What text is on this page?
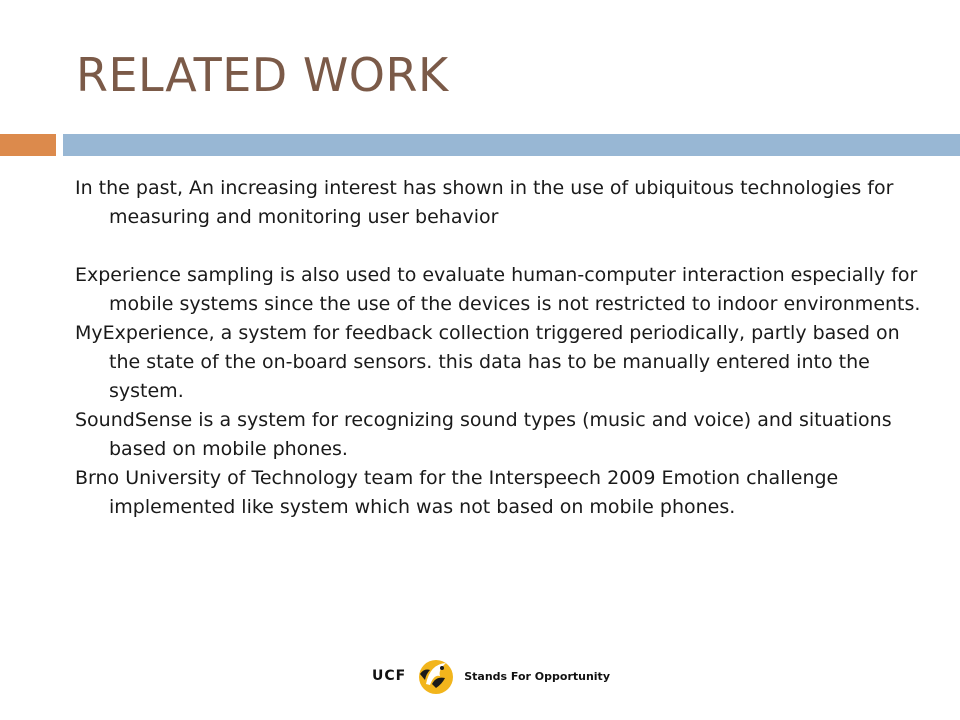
RELATED WORK

In the past, An increasing interest has shown in the use of ubiquitous technologies for measuring and monitoring user behavior

Experience sampling is also used to evaluate human-computer interaction especially for mobile systems since the use of the devices is not restricted to indoor environments.

MyExperience, a system for feedback collection triggered periodically, partly based on the state of the on-board sensors. this data has to be manually entered into the system.

SoundSense is a system for recognizing sound types (music and voice) and situations based on mobile phones.

Brno University of Technology team for the Interspeech 2009 Emotion challenge implemented like system which was not based on mobile phones.

UCF	Stands For Opportunity
